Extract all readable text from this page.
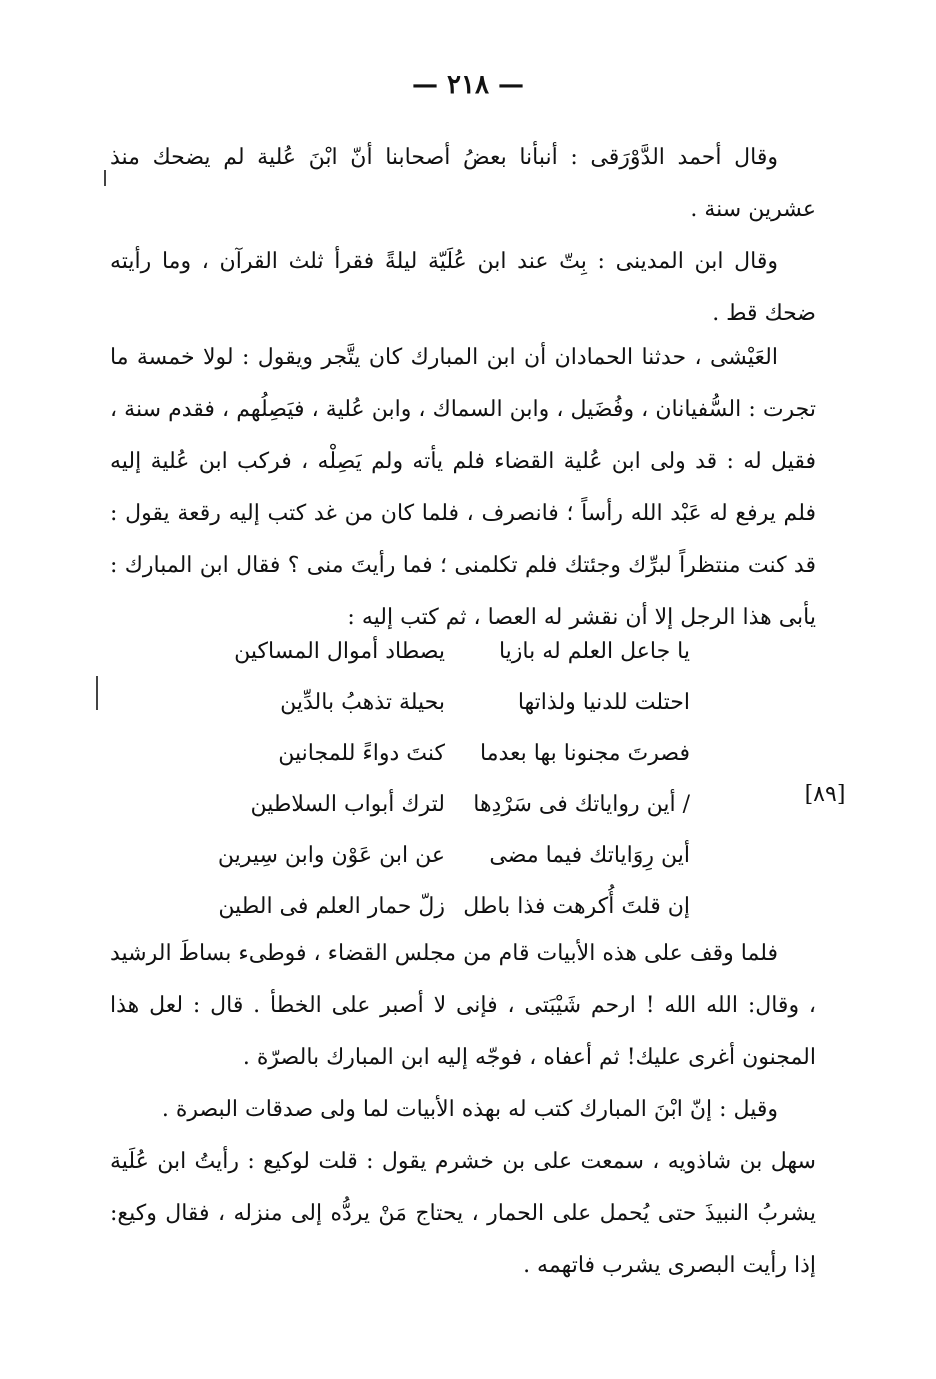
— ٢١٨ —

وقال أحمد الدَّوْرَقى : أنبأنا بعضُ أصحابنا أنّ ابْنَ عُلية لم يضحك منذ عشرين سنة .

وقال ابن المدينى : بِتّ عند ابن عُلَيّة ليلةً فقرأ ثلث القرآن ، وما رأيته ضحك قط .

العَيْشى ، حدثنا الحمادان أن ابن المبارك كان يتَّجر ويقول : لولا خمسة ما تجرت : السُّفيانان ، وفُضَيل ، وابن السماك ، وابن عُلية ، فيَصِلُهم ، فقدم سنة ، فقيل له : قد ولى ابن عُلية القضاء فلم يأته ولم يَصِلْه ، فركب ابن عُلية إليه فلم يرفع له عَبْد الله رأساً ؛ فانصرف ، فلما كان من غد كتب إليه رقعة يقول : قد كنت منتظراً لبرِّك وجئتك فلم تكلمنى ؛ فما رأيتَ منى ؟ فقال ابن المبارك : يأبى هذا الرجل إلا أن نقشر له العصا ، ثم كتب إليه :

يا جاعل العلم له بازيا
يصطاد أموال المساكين
احتلت للدنيا ولذاتها
بحيلة تذهبُ بالدِّين
فصرتَ مجنونا بها بعدما
كنتَ دواءً للمجانين
/ أين رواياتك فى سَرْدِها
لترك أبواب السلاطين
أين رِوَاياتك فيما مضى
عن ابن عَوْن وابن سِيرين
إن قلتَ أُكرهت فذا باطل
زلّ حمار العلم فى الطين
[٨٩]

فلما وقف على هذه الأبيات قام من مجلس القضاء ، فوطىء بساطَ الرشيد ، وقال: الله الله ! ارحم شَيْبَتى ، فإنى لا أصبر على الخطأ . قال : لعل هذا المجنون أغرى عليك! ثم أعفاه ، فوجّه إليه ابن المبارك بالصرّة .

وقيل : إنّ ابْنَ المبارك كتب له بهذه الأبيات لما ولى صدقات البصرة .

سهل بن شاذويه ، سمعت على بن خشرم يقول : قلت لوكيع : رأيتُ ابن عُلَية يشربُ النبيذَ حتى يُحمل على الحمار ، يحتاج مَنْ يردُّه إلى منزله ، فقال وكيع: إذا رأيت البصرى يشرب فاتهمه .
